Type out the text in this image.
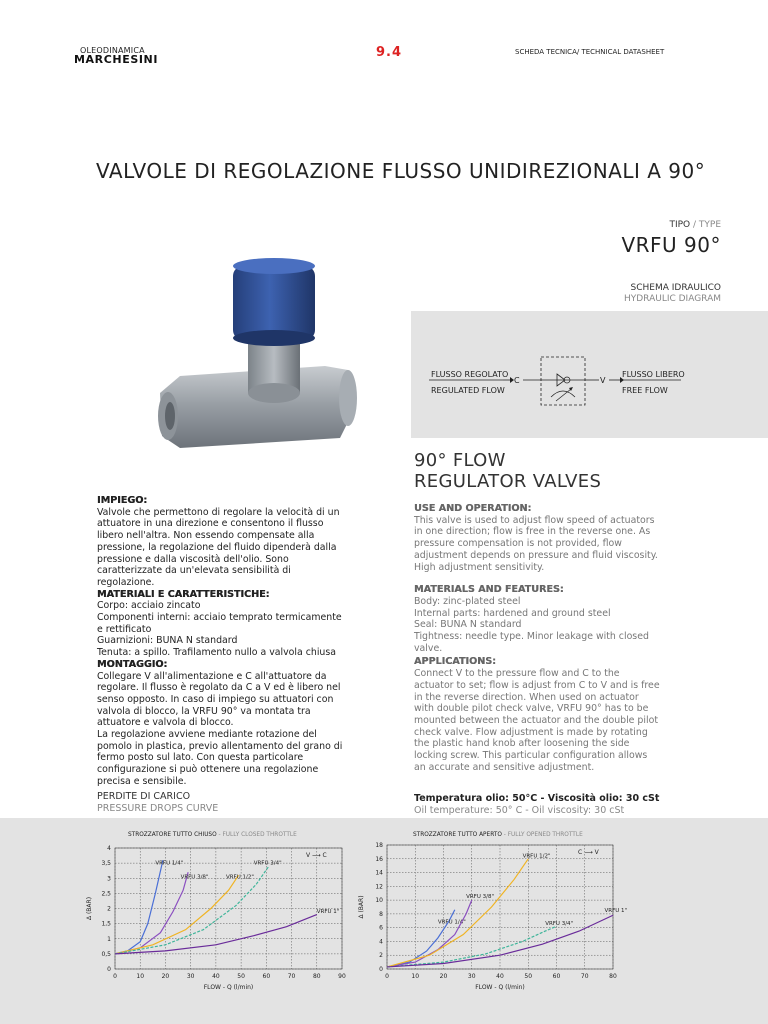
OLEODINAMICA
MARCHESINI	9.4	SCHEDA TECNICA/ TECHNICAL DATASHEET
VALVOLE DI REGOLAZIONE FLUSSO UNIDIREZIONALI A 90°
TIPO / TYPE
VRFU 90°
SCHEMA IDRAULICO
HYDRAULIC DIAGRAM
FLUSSO REGOLATO
REGULATED FLOW
C	V
FLUSSO LIBERO
FREE FLOW
90° FLOW
REGULATOR VALVES
IMPIEGO:
Valvole che permettono di regolare la velocità di un attuatore in una direzione e consentono il flusso libero nell'altra. Non essendo compensate alla pressione, la regolazione del fluido dipenderà dalla pressione e dalla viscosità dell'olio. Sono caratterizzate da un'elevata sensibilità di regolazione.
MATERIALI E CARATTERISTICHE:
Corpo: acciaio zincato
Componenti interni: acciaio temprato termicamente e rettificato
Guarnizioni: BUNA N standard
Tenuta: a spillo. Trafilamento nullo a valvola chiusa
MONTAGGIO:
Collegare V all'alimentazione e C all'attuatore da regolare. Il flusso è regolato da C a V ed è libero nel senso opposto. In caso di impiego su attuatori con valvola di blocco, la VRFU 90° va montata tra attuatore e valvola di blocco.
La regolazione avviene mediante rotazione del pomolo in plastica, previo allentamento del grano di fermo posto sul lato. Con questa particolare configurazione si può ottenere una regolazione precisa e sensibile.
USE AND OPERATION:
This valve is used to adjust flow speed of actuators in one direction; flow is free in the reverse one. As pressure compensation is not provided, flow adjustment depends on pressure and fluid viscosity. High adjustment sensitivity.
MATERIALS AND FEATURES:
Body: zinc-plated steel
Internal parts: hardened and ground steel
Seal: BUNA N standard
Tightness: needle type. Minor leakage with closed valve.
APPLICATIONS:
Connect V to the pressure flow and C to the actuator to set; flow is adjust from C to V and is free in the reverse direction. When used on actuator with double pilot check valve, VRFU 90° has to be mounted between the actuator and the double pilot check valve. Flow adjustment is made by rotating the plastic hand knob after loosening the side locking screw. This particular configuration allows an accurate and sensitive adjustment.
PERDITE DI CARICO
PRESSURE DROPS CURVE
Temperatura olio: 50°C - Viscosità olio: 30 cSt
Oil temperature: 50° C - Oil viscosity: 30 cSt
STROZZATORE TUTTO CHIUSO - FULLY CLOSED THROTTLE
0	10	20	30	40	50	60	70	80	90
0
0,5
1
1,5
2
2,5
3
3,5
4
FLOW - Q (l/min)
Δ (BAR)
V ⟶ C
VRFU 1/4"
VRFU 3/8"	VRFU 1/2"
VRFU 3/4"
VRFU 1"
STROZZATORE TUTTO APERTO - FULLY OPENED THROTTLE
0	10	20	30	40	50	60	70	80
0
2
4
6
8
10
12
14
16
18
FLOW - Q (l/min)
Δ (BAR)
C ⟶ V
VRFU 1/4"
VRFU 3/8"
VRFU 1/2"
VRFU 3/4"
VRFU 1"
